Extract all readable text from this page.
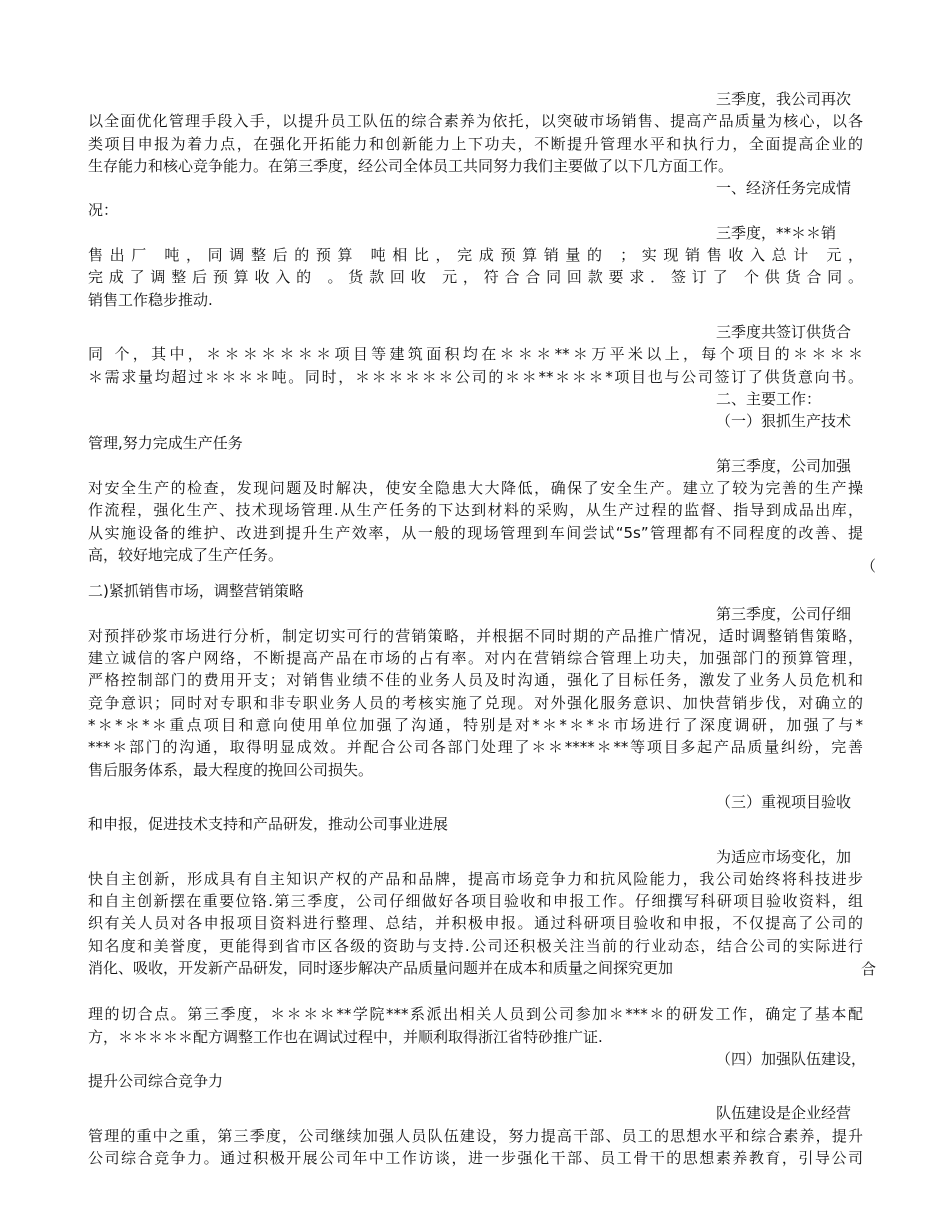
三季度，我公司再次
以全面优化管理手段入手，以提升员工队伍的综合素养为依托，以突破市场销售、提高产品质量为核心，以各
类项目申报为着力点，在强化开拓能力和创新能力上下功夫，不断提升管理水平和执行力，全面提高企业的
生存能力和核心竞争能力。在第三季度，经公司全体员工共同努力我们主要做了以下几方面工作。
一、经济任务完成情
况：
三季度，**＊＊销
售出厂 吨，同调整后的预算 吨相比，完成预算销量的 ；实现销售收入总计 元，
完成了调整后预算收入的 。货款回收 元，符合合同回款要求．签订了 个供货合同。
销售工作稳步推动.
三季度共签订供货合
同 个，其中，＊＊＊＊＊＊＊项目等建筑面积均在＊＊＊**＊万平米以上，每个项目的＊＊＊＊
＊需求量均超过＊＊＊＊吨。同时，＊＊＊＊＊＊公司的＊＊**＊＊＊*项目也与公司签订了供货意向书。
二、主要工作：
（一）狠抓生产技术
管理,努力完成生产任务
第三季度，公司加强
对安全生产的检查，发现问题及时解决，使安全隐患大大降低，确保了安全生产。建立了较为完善的生产操
作流程，强化生产、技术现场管理.从生产任务的下达到材料的采购，从生产过程的监督、指导到成品出库，
从实施设备的维护、改进到提升生产效率，从一般的现场管理到车间尝试“5s”管理都有不同程度的改善、提
高，较好地完成了生产任务。
二)紧抓销售市场，调整营销策略
第三季度，公司仔细
对预拌砂浆市场进行分析，制定切实可行的营销策略，并根据不同时期的产品推广情况，适时调整销售策略，
建立诚信的客户网络，不断提高产品在市场的占有率。对内在营销综合管理上功夫，加强部门的预算管理，
严格控制部门的费用开支；对销售业绩不佳的业务人员及时沟通，强化了目标任务，激发了业务人员危机和
竞争意识；同时对专职和非专职业务人员的考核实施了兑现。对外强化服务意识、加快营销步伐，对确立的
*＊*＊*＊重点项目和意向使用单位加强了沟通，特别是对*＊*＊*＊市场进行了深度调研，加强了与*
***＊部门的沟通，取得明显成效。并配合公司各部门处理了＊＊****＊**等项目多起产品质量纠纷，完善
售后服务体系，最大程度的挽回公司损失。
（三）重视项目验收
和申报，促进技术支持和产品研发，推动公司事业进展
为适应市场变化，加
快自主创新，形成具有自主知识产权的产品和品牌，提高市场竞争力和抗风险能力，我公司始终将科技进步
和自主创新摆在重要位铬.第三季度，公司仔细做好各项目验收和申报工作。仔细撰写科研项目验收资料，组
织有关人员对各申报项目资料进行整理、总结，并积极申报。通过科研项目验收和申报，不仅提高了公司的
知名度和美誉度，更能得到省市区各级的资助与支持.公司还积极关注当前的行业动态，结合公司的实际进行
消化、吸收，开发新产品研发，同时逐步解决产品质量问题并在成本和质量之间探究更加
理的切合点。第三季度，＊＊＊＊**学院***系派出相关人员到公司参加＊***＊的研发工作，确定了基本配
方，＊＊＊＊＊配方调整工作也在调试过程中，并顺利取得浙江省特砂推广证.
（四）加强队伍建设，
提升公司综合竞争力
队伍建设是企业经营
管理的重中之重，第三季度，公司继续加强人员队伍建设，努力提高干部、员工的思想水平和综合素养，提升
公司综合竞争力。通过积极开展公司年中工作访谈，进一步强化干部、员工骨干的思想素养教育，引导公司
（
合
